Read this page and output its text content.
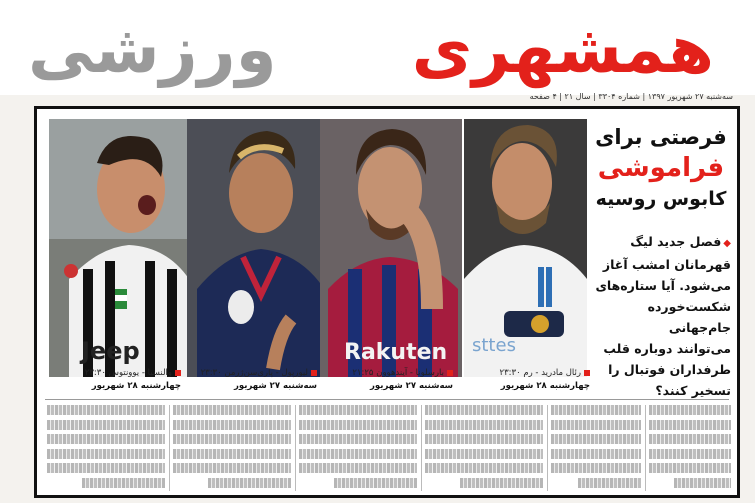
ورزشی همشهری
سه‌شنبه ۲۷ شهریور ۱۳۹۷ | شماره ۳۳۰۴ | سال ۲۱ | ۴ صفحه
Jeep	Rakuten sttes
والنسیا - یوونتوس ۲۳:۳۰
چهارشنبه ۲۸ شهریور
لیورپول - پاری‌سن‌ژرمن ۲۳:۳۰
سه‌شنبه ۲۷ شهریور
بارسلونا - آیندهوون ۲۱:۲۵
سه‌شنبه ۲۷ شهریور
رئال مادرید - رم ۲۳:۳۰
چهارشنبه ۲۸ شهریور
فرصتی برای
فراموشی
کابوس روسیه
◆فصل جدید لیگ
قهرمانان امشب آغاز
می‌شود. آیا ستاره‌های
شکست‌خورده جام‌جهانی
می‌توانند دوباره قلب
طرفداران فوتبال را
تسخیر کنند؟
